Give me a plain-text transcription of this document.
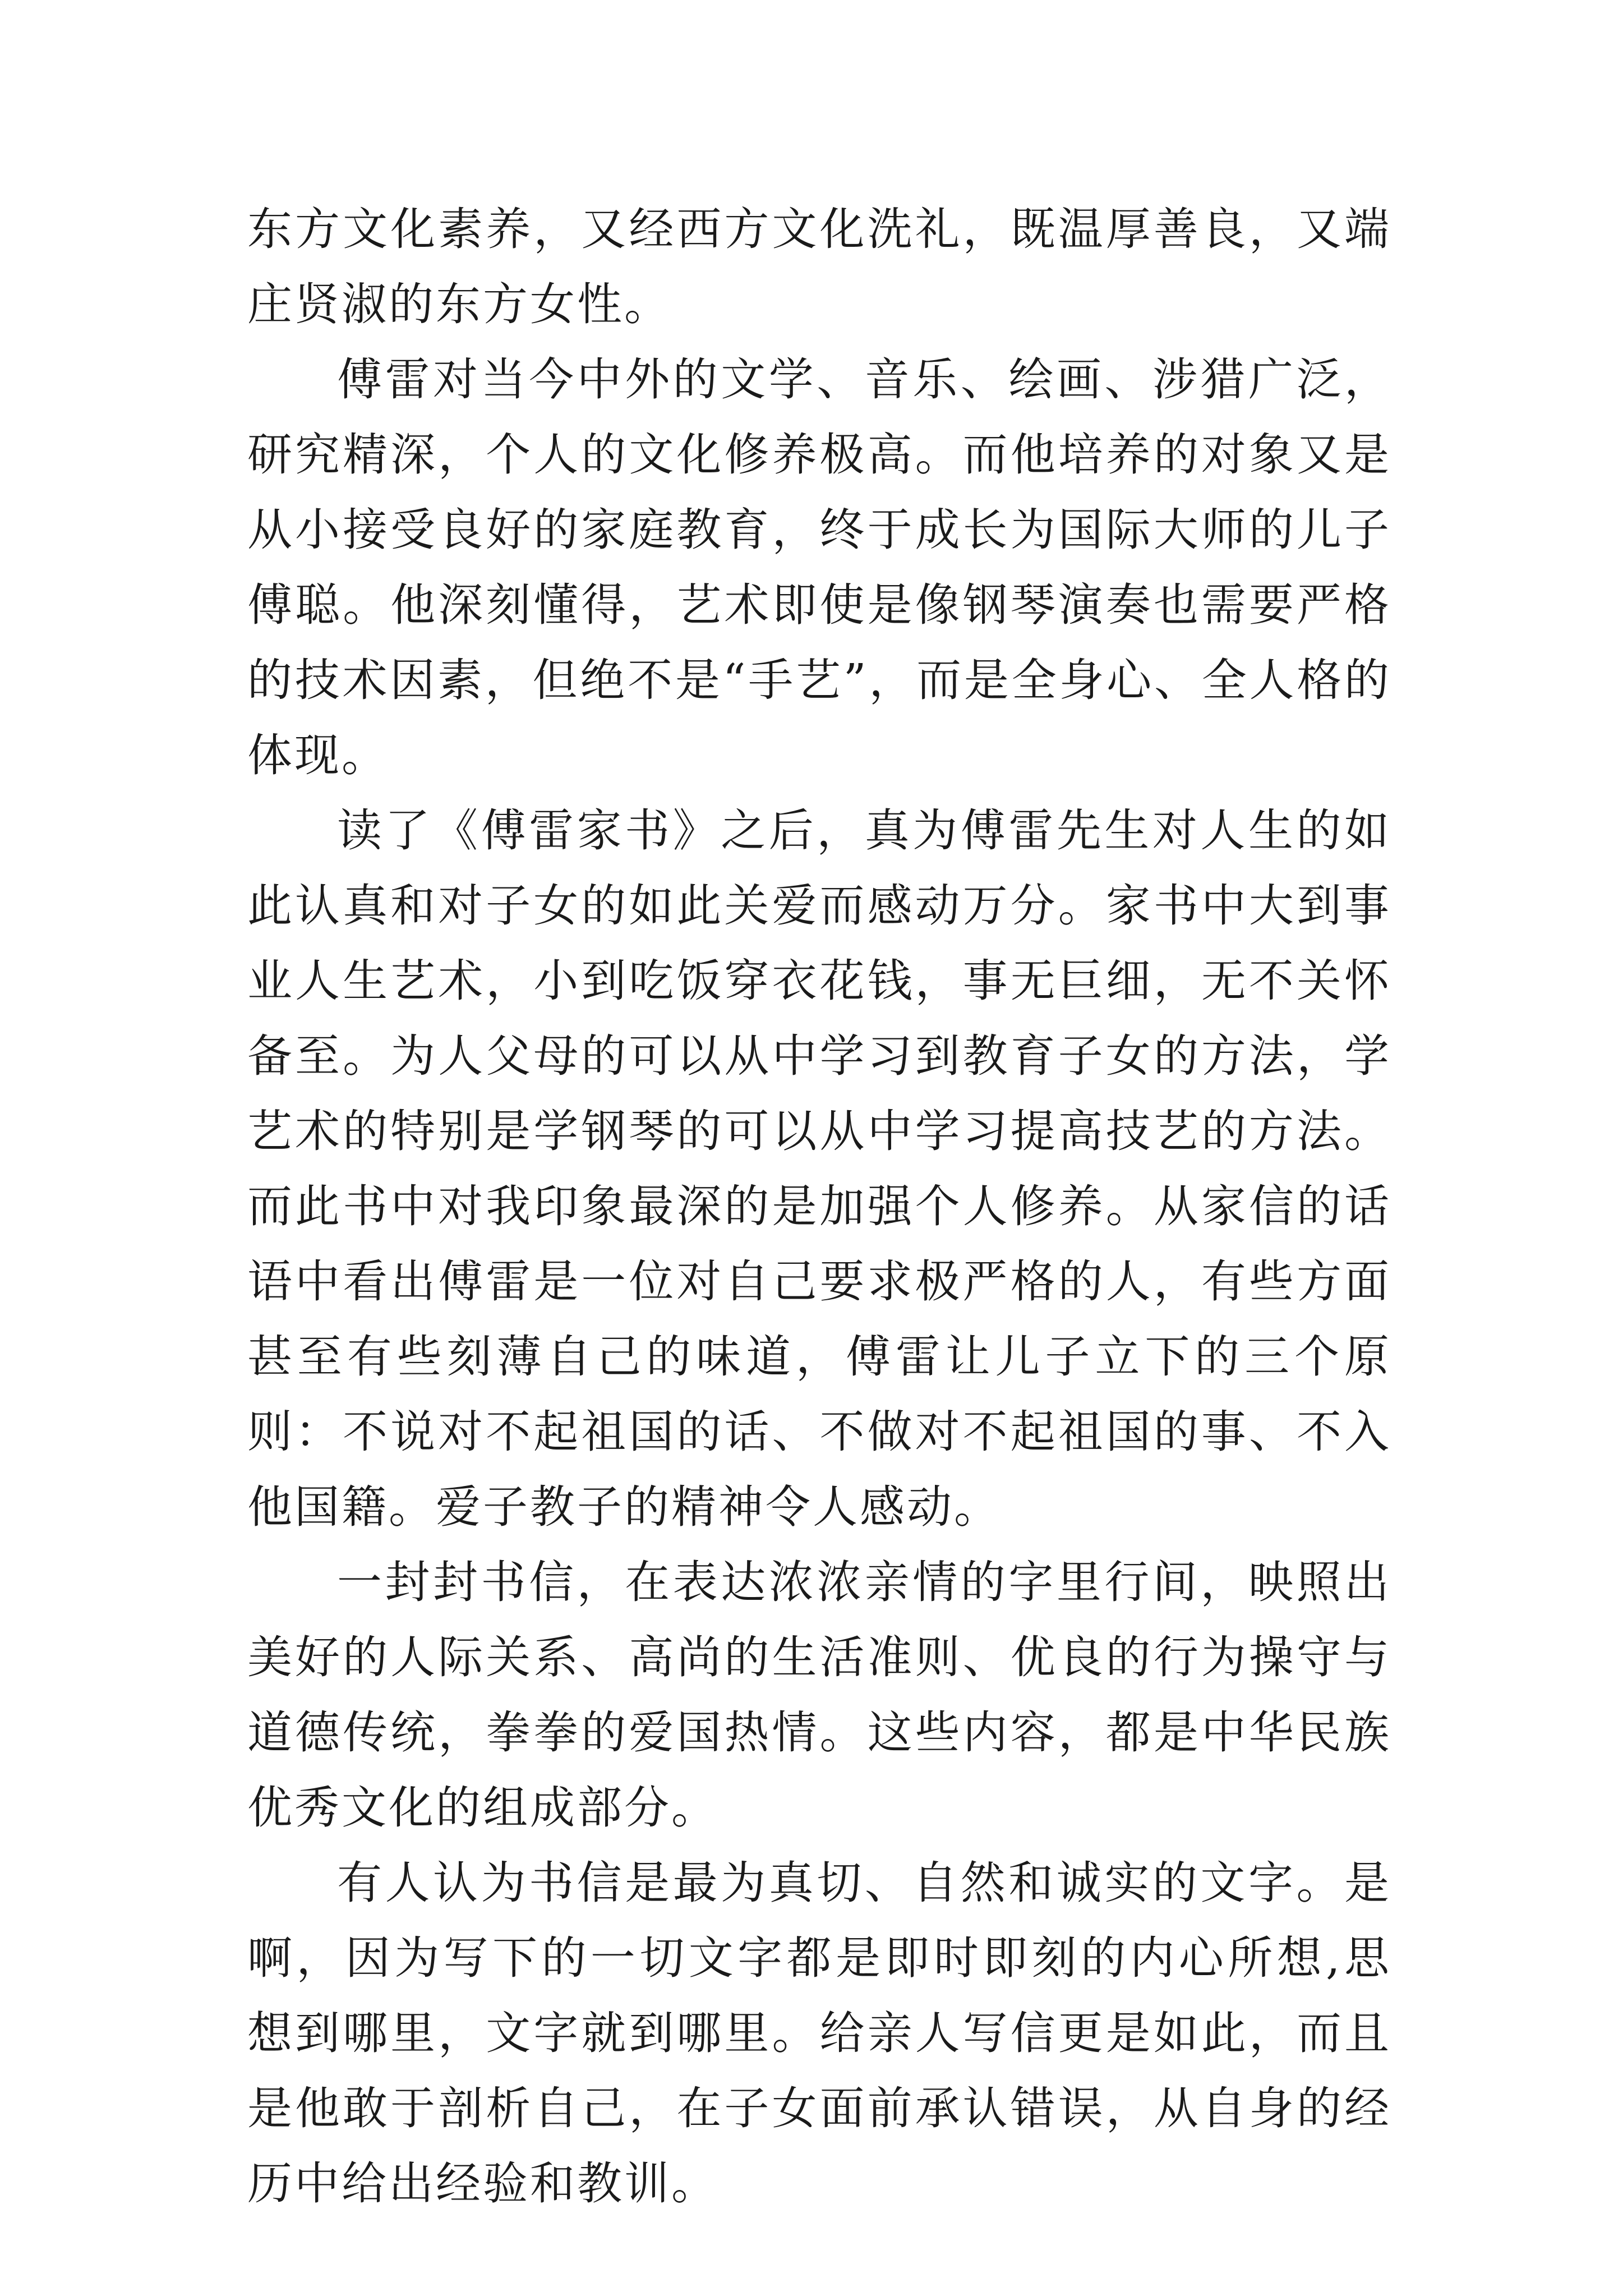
东方文化素养，又经西方文化洗礼，既温厚善良，又端庄贤淑的东方女性。

傅雷对当今中外的文学、音乐、绘画、涉猎广泛，研究精深，个人的文化修养极高。而他培养的对象又是从小接受良好的家庭教育，终于成长为国际大师的儿子傅聪。他深刻懂得，艺术即使是像钢琴演奏也需要严格的技术因素，但绝不是“手艺”，而是全身心、全人格的体现。

读了《傅雷家书》之后，真为傅雷先生对人生的如此认真和对子女的如此关爱而感动万分。家书中大到事业人生艺术，小到吃饭穿衣花钱，事无巨细，无不关怀备至。为人父母的可以从中学习到教育子女的方法，学艺术的特别是学钢琴的可以从中学习提高技艺的方法。而此书中对我印象最深的是加强个人修养。从家信的话语中看出傅雷是一位对自己要求极严格的人，有些方面甚至有些刻薄自己的味道，傅雷让儿子立下的三个原则：不说对不起祖国的话、不做对不起祖国的事、不入他国籍。爱子教子的精神令人感动。

一封封书信，在表达浓浓亲情的字里行间，映照出美好的人际关系、高尚的生活准则、优良的行为操守与道德传统，拳拳的爱国热情。这些内容，都是中华民族优秀文化的组成部分。

有人认为书信是最为真切、自然和诚实的文字。是啊，因为写下的一切文字都是即时即刻的内心所想,思想到哪里，文字就到哪里。给亲人写信更是如此，而且是他敢于剖析自己，在子女面前承认错误，从自身的经历中给出经验和教训。
